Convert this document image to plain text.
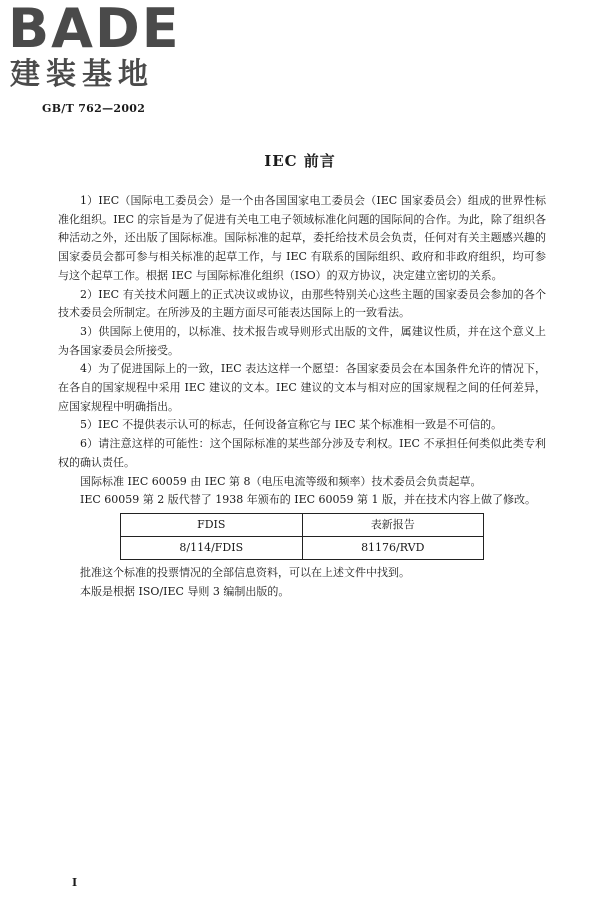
BADE
建装基地
GB/T 762—2002
IEC 前言

1）IEC（国际电工委员会）是一个由各国国家电工委员会（IEC 国家委员会）组成的世界性标准化组织。IEC 的宗旨是为了促进有关电工电子领域标准化问题的国际间的合作。为此，除了组织各种活动之外，还出版了国际标准。国际标准的起草，委托给技术员会负责，任何对有关主题感兴趣的国家委员会都可参与相关标准的起草工作，与 IEC 有联系的国际组织、政府和非政府组织，均可参与这个起草工作。根据 IEC 与国际标准化组织（ISO）的双方协议，决定建立密切的关系。

2）IEC 有关技术问题上的正式决议或协议，由那些特别关心这些主题的国家委员会参加的各个技术委员会所制定。在所涉及的主题方面尽可能表达国际上的一致看法。

3）供国际上使用的，以标准、技术报告或导则形式出版的文件，属建议性质，并在这个意义上为各国家委员会所接受。

4）为了促进国际上的一致，IEC 表达这样一个愿望：各国家委员会在本国条件允许的情况下，在各自的国家规程中采用 IEC 建议的文本。IEC 建议的文本与相对应的国家规程之间的任何差异，应国家规程中明确指出。

5）IEC 不提供表示认可的标志，任何设备宣称它与 IEC 某个标准相一致是不可信的。

6）请注意这样的可能性：这个国际标准的某些部分涉及专利权。IEC 不承担任何类似此类专利权的确认责任。

国际标准 IEC 60059 由 IEC 第 8（电压电流等级和频率）技术委员会负责起草。

IEC 60059 第 2 版代替了 1938 年颁布的 IEC 60059 第 1 版，并在技术内容上做了修改。

FDIS	表新报告
8/114/FDIS	81176/RVD

批准这个标准的投票情况的全部信息资料，可以在上述文件中找到。

本版是根据 ISO/IEC 导则 3 编制出版的。

I
